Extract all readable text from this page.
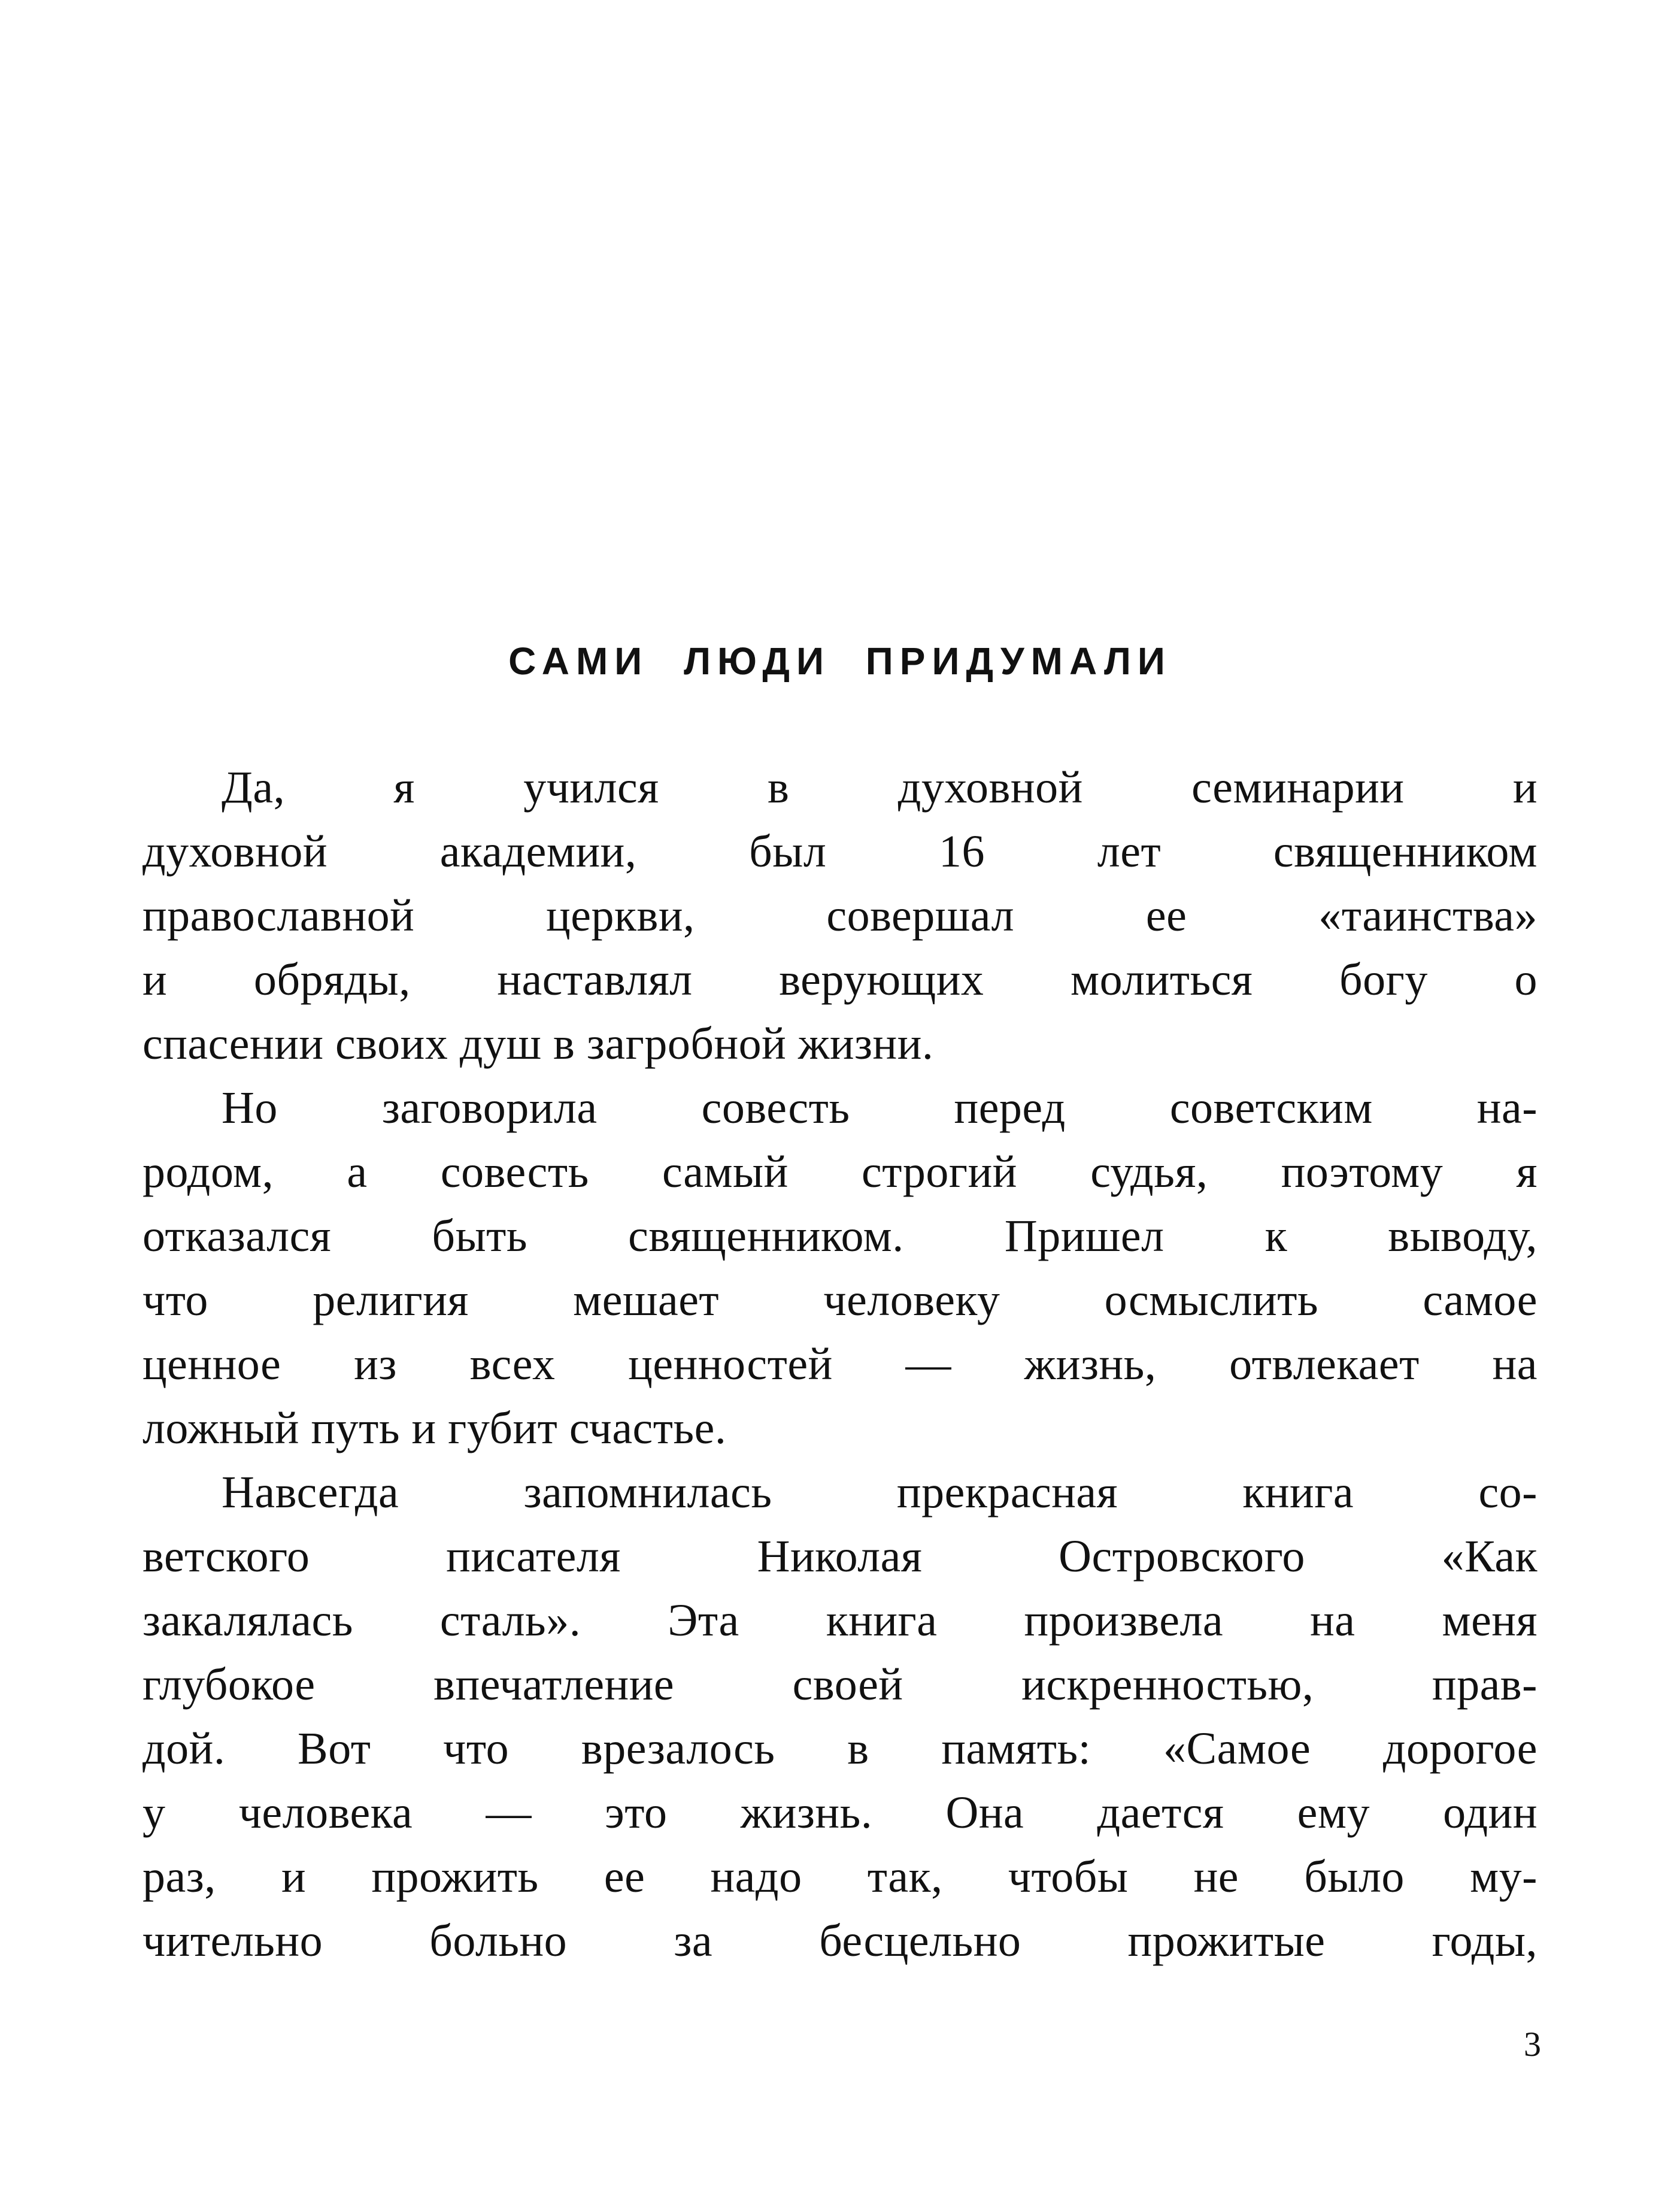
САМИ ЛЮДИ ПРИДУМАЛИ
Да, я учился в духовной семинарии и
духовной академии, был 16 лет священником
православной церкви, совершал ее «таинства»
и обряды, наставлял верующих молиться богу о
спасении своих душ в загробной жизни.
Но заговорила совесть перед советским на-
родом, а совесть самый строгий судья, поэтому я
отказался быть священником. Пришел к выводу,
что религия мешает человеку осмыслить самое
ценное из всех ценностей — жизнь, отвлекает на
ложный путь и губит счастье.
Навсегда запомнилась прекрасная книга со-
ветского писателя Николая Островского «Как
закалялась сталь». Эта книга произвела на меня
глубокое впечатление своей искренностью, прав-
дой. Вот что врезалось в память: «Самое дорогое
у человека — это жизнь. Она дается ему один
раз, и прожить ее надо так, чтобы не было му-
чительно больно за бесцельно прожитые годы,
3
